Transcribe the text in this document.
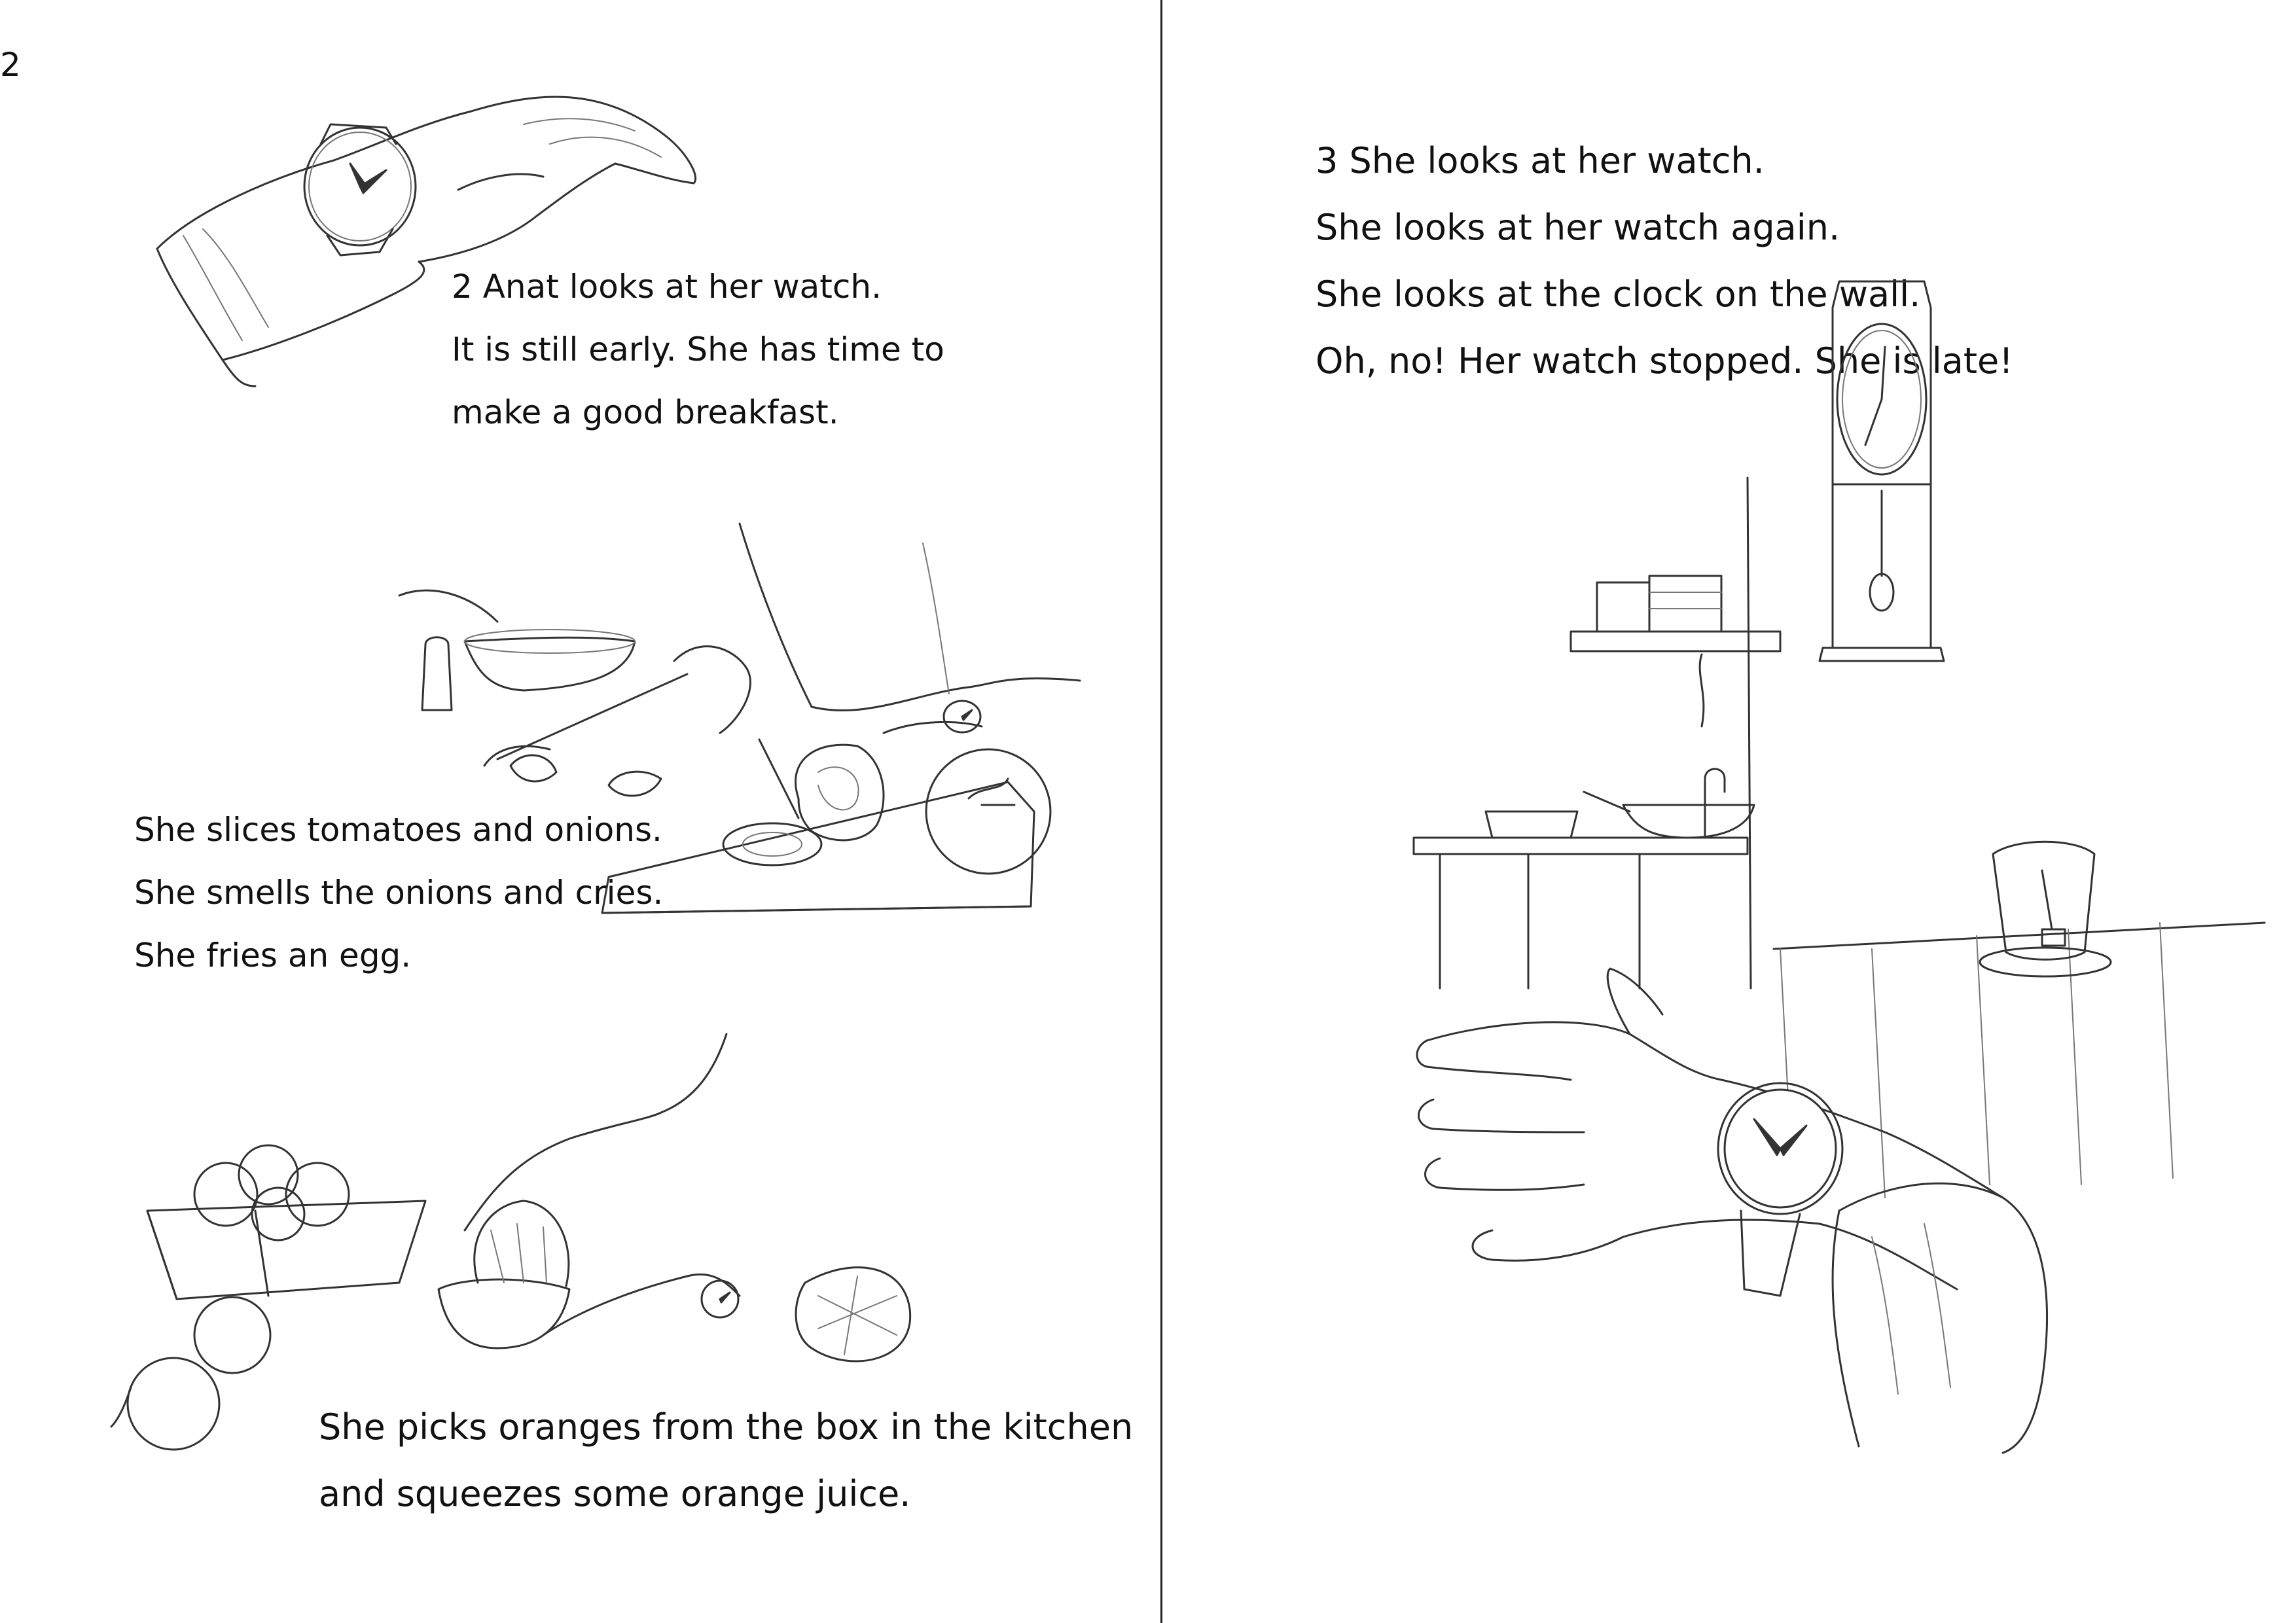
2
2 Anat looks at her watch.
It is still early. She has time to
make a good breakfast.
She slices tomatoes and onions.
She smells the onions and cries.
She fries an egg.
She picks oranges from the box in the kitchen
and squeezes some orange juice.
3 She looks at her watch.
She looks at her watch again.
She looks at the clock on the wall.
Oh, no! Her watch stopped. She is late!
